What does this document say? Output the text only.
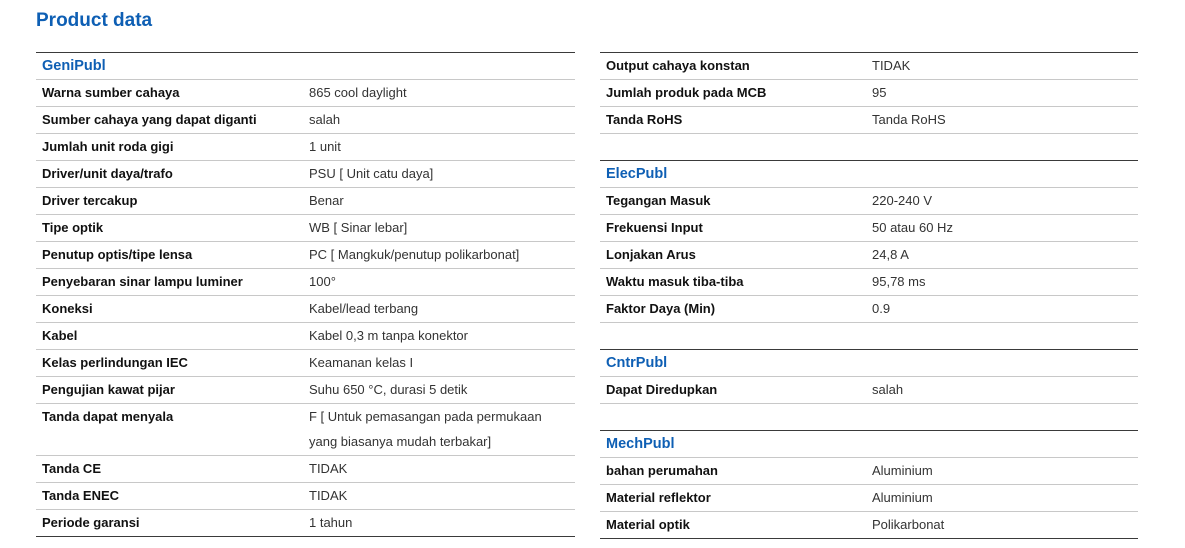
Product data
GeniPubl
Warna sumber cahaya	865 cool daylight
Sumber cahaya yang dapat diganti	salah
Jumlah unit roda gigi	1 unit
Driver/unit daya/trafo	PSU [ Unit catu daya]
Driver tercakup	Benar
Tipe optik	WB [ Sinar lebar]
Penutup optis/tipe lensa	PC [ Mangkuk/penutup polikarbonat]
Penyebaran sinar lampu luminer	100°
Koneksi	Kabel/lead terbang
Kabel	Kabel 0,3 m tanpa konektor
Kelas perlindungan IEC	Keamanan kelas I
Pengujian kawat pijar	Suhu 650 °C, durasi 5 detik
Tanda dapat menyala	F [ Untuk pemasangan pada permukaan
yang biasanya mudah terbakar]
Tanda CE	TIDAK
Tanda ENEC	TIDAK
Periode garansi	1 tahun
Output cahaya konstan	TIDAK
Jumlah produk pada MCB	95
Tanda RoHS	Tanda RoHS
ElecPubl
Tegangan Masuk	220-240 V
Frekuensi Input	50 atau 60 Hz
Lonjakan Arus	24,8 A
Waktu masuk tiba-tiba	95,78 ms
Faktor Daya (Min)	0.9
CntrPubl
Dapat Diredupkan	salah
MechPubl
bahan perumahan	Aluminium
Material reflektor	Aluminium
Material optik	Polikarbonat
